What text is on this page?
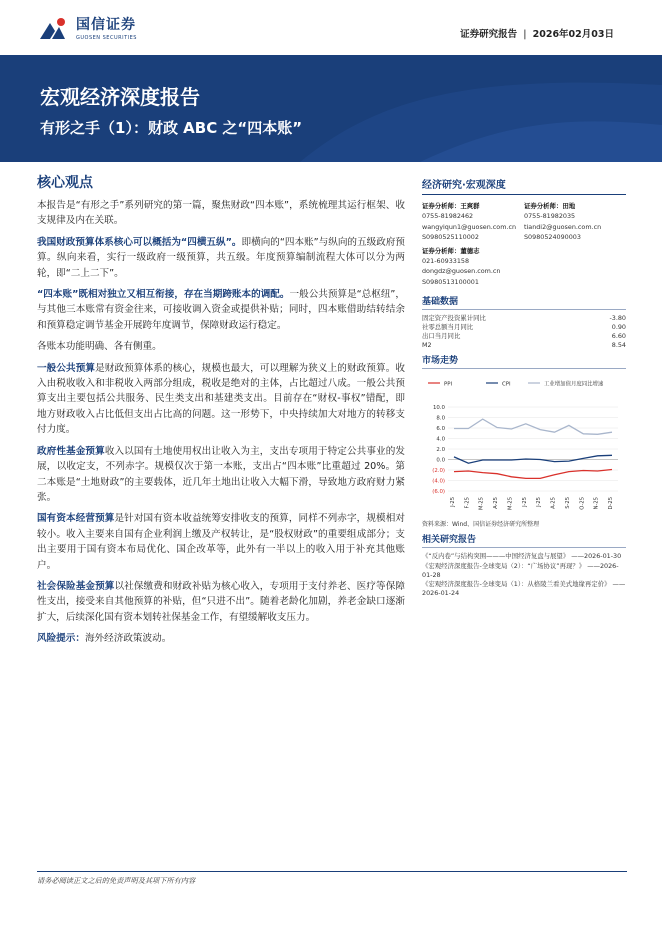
国信证券
GUOSEN SECURITIES	证券研究报告 | 2026年02月03日
宏观经济深度报告
有形之手（1）：财政 ABC 之“四本账”
核心观点

本报告是“有形之手”系列研究的第一篇，聚焦财政“四本账”，系统梳理其运行框架、收支规律及内在关联。

我国财政预算体系核心可以概括为“四横五纵”。即横向的“四本账”与纵向的五级政府预算。纵向来看，实行一级政府一级预算，共五级。年度预算编制流程大体可以分为两轮，即“二上二下”。

“四本账”既相对独立又相互衔接，存在当期跨账本的调配。一般公共预算是“总枢纽”，与其他三本账常有资金往来，可接收调入资金或提供补贴；同时，四本账借助结转结余和预算稳定调节基金开展跨年度调节，保障财政运行稳定。

各账本功能明确、各有侧重。

一般公共预算是财政预算体系的核心，规模也最大，可以理解为狭义上的财政预算。收入由税收收入和非税收入两部分组成，税收是绝对的主体，占比超过八成。一般公共预算支出主要包括公共服务、民生类支出和基建类支出。目前存在“财权-事权”错配，即地方财政收入占比低但支出占比高的问题。这一形势下，中央持续加大对地方的转移支付力度。

政府性基金预算收入以国有土地使用权出让收入为主，支出专项用于特定公共事业的发展，以收定支，不列赤字。规模仅次于第一本账，支出占“四本账”比重超过 20%。第二本账是“土地财政”的主要载体，近几年土地出让收入大幅下滑，导致地方政府财力紧张。

国有资本经营预算是针对国有资本收益统筹安排收支的预算，同样不列赤字，规模相对较小。收入主要来自国有企业利润上缴及产权转让，是“股权财政”的重要组成部分；支出主要用于国有资本布局优化、国企改革等，此外有一半以上的收入用于补充其他账户。

社会保险基金预算以社保缴费和财政补贴为核心收入，专项用于支付养老、医疗等保障性支出，接受来自其他预算的补贴，但“只进不出”。随着老龄化加剧，养老金缺口逐渐扩大，后续深化国有资本划转社保基金工作，有望缓解收支压力。

风险提示：海外经济政策波动。

经济研究·宏观深度
证券分析师：王爽群
0755-81982462
wangyiqun1@guosen.com.cn
S0980525110002
证券分析师：田地
0755-81982035
tiandi2@guosen.com.cn
S0980524090003
证券分析师：董德志
021-60933158
dongdz@guosen.com.cn
S0980513100001
基础数据
固定资产投资累计同比	-3.80
社零总额当月同比	0.90
出口当月同比	6.60
M2	8.54
市场走势
PPI	CPI	工业增加值月度同比增速
10.0
8.0
6.0
4.0
2.0
0.0
(2.0)
(4.0)
(6.0)
J-25 F-25 M-25 A-25 M-25 J-25 J-25 A-25 S-25 O-25 N-25 D-25
资料来源：Wind、国信证券经济研究所整理
相关研究报告
《“反内卷”与结构突围———中国经济复盘与展望》 ——2026-01-30
《宏观经济深度报告-全球变局（2）：“广场协议”再现？》 ——2026-01-28
《宏观经济深度报告-全球变局（1）：从格陵兰看美式地缘再定价》 ——2026-01-24
请务必阅读正文之后的免责声明及其项下所有内容
